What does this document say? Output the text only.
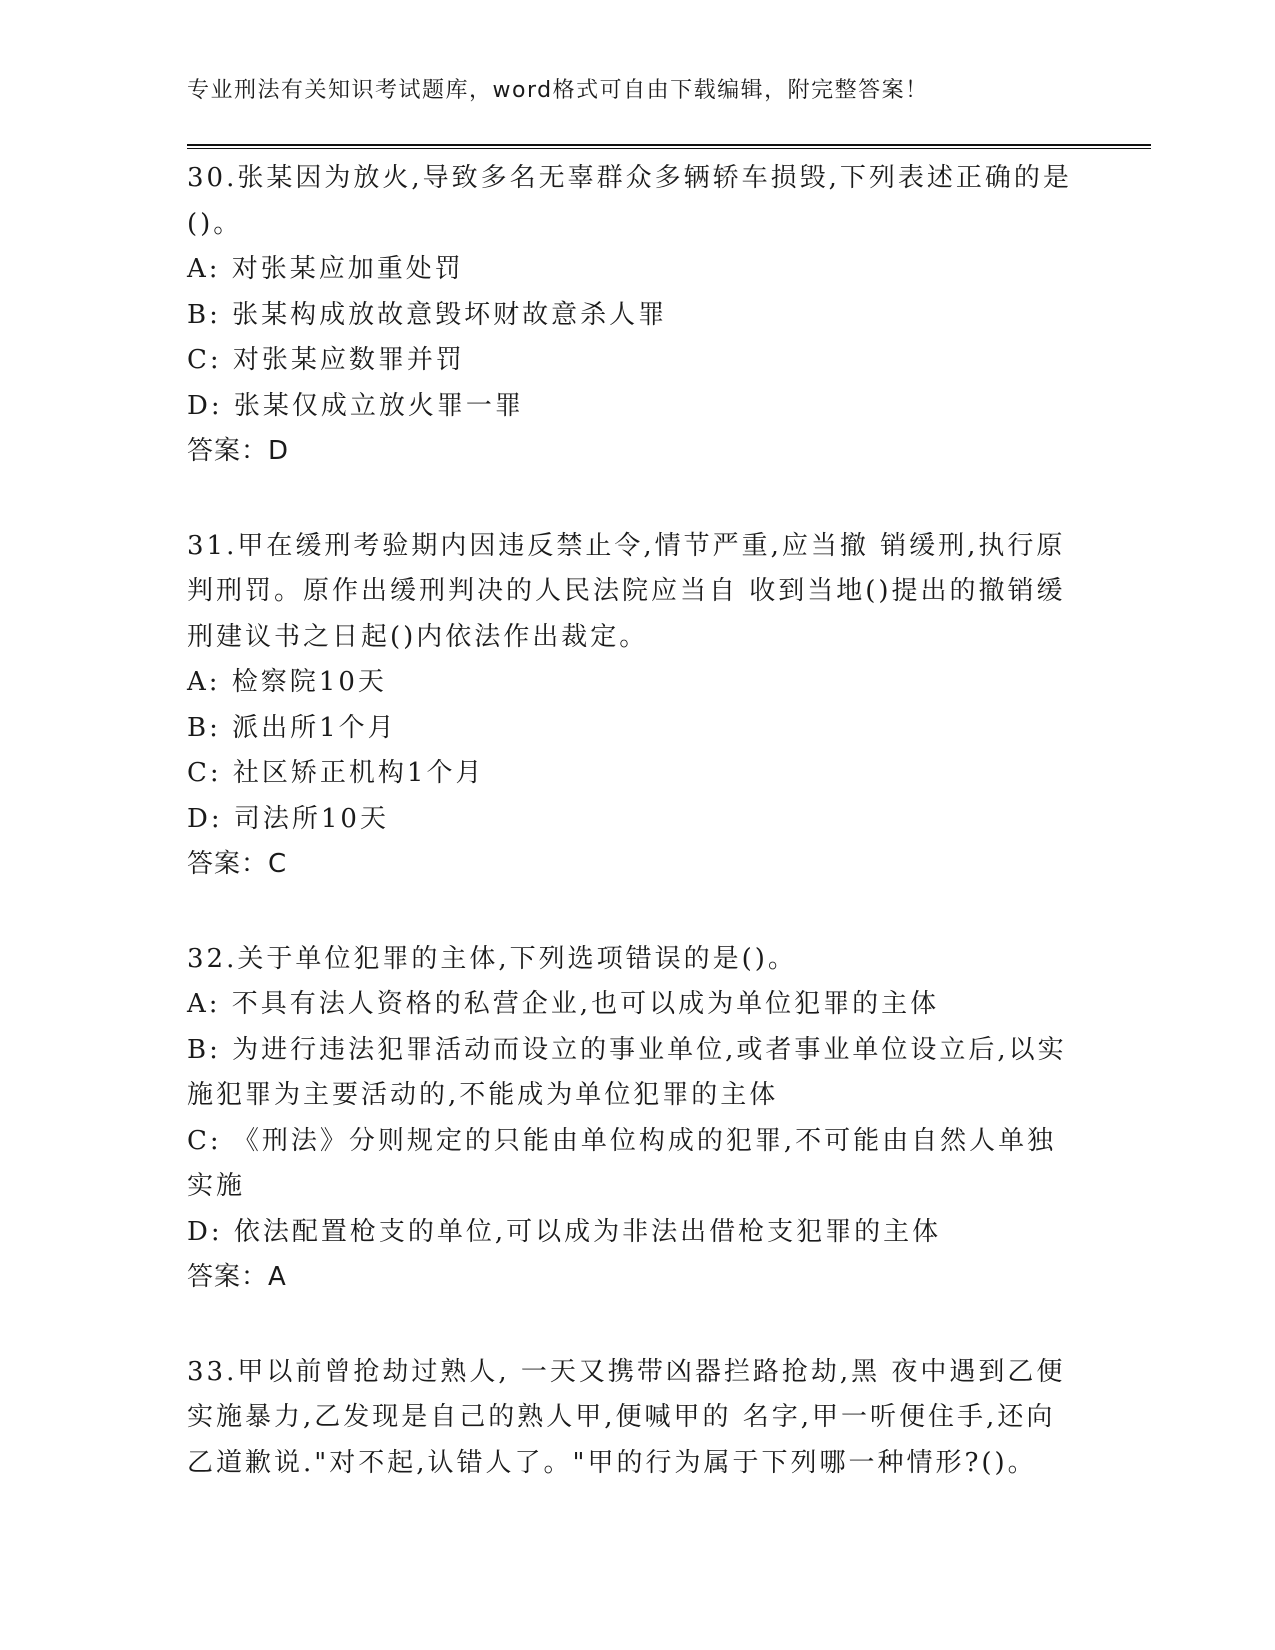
专业刑法有关知识考试题库，word格式可自由下载编辑，附完整答案！
30.张某因为放火,导致多名无辜群众多辆轿车损毁,下列表述正确的是
()。
A: 对张某应加重处罚
B: 张某构成放故意毁坏财故意杀人罪
C: 对张某应数罪并罚
D: 张某仅成立放火罪一罪
答案：D
31.甲在缓刑考验期内因违反禁止令,情节严重,应当撤 销缓刑,执行原
判刑罚。原作出缓刑判决的人民法院应当自 收到当地()提出的撤销缓
刑建议书之日起()内依法作出裁定。
A: 检察院10天
B: 派出所1个月
C: 社区矫正机构1个月
D: 司法所10天
答案：C
32.关于单位犯罪的主体,下列选项错误的是()。
A: 不具有法人资格的私营企业,也可以成为单位犯罪的主体
B: 为进行违法犯罪活动而设立的事业单位,或者事业单位设立后,以实
施犯罪为主要活动的,不能成为单位犯罪的主体
C: 《刑法》分则规定的只能由单位构成的犯罪,不可能由自然人单独
实施
D: 依法配置枪支的单位,可以成为非法出借枪支犯罪的主体
答案：A
33.甲以前曾抢劫过熟人, 一天又携带凶器拦路抢劫,黑 夜中遇到乙便
实施暴力,乙发现是自己的熟人甲,便喊甲的 名字,甲一听便住手,还向
乙道歉说."对不起,认错人了。"甲的行为属于下列哪一种情形?()。
